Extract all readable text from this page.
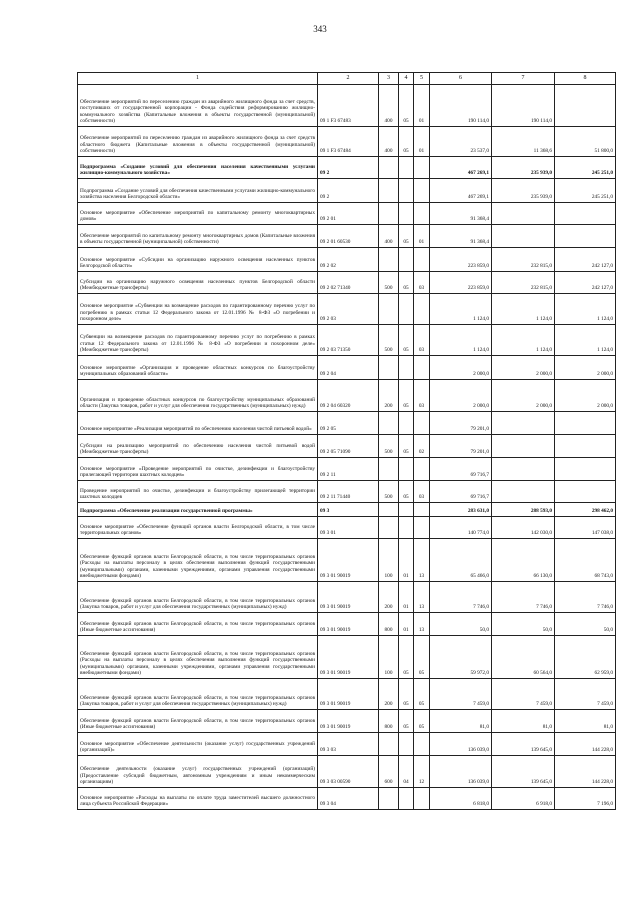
343
1	2	3	4	5	6	7	8
Обеспечение мероприятий по переселению граждан из аварийного жилищного фонда за счет средств, поступивших от государственной корпорации - Фонда содействия реформированию жилищно-коммунального хозяйства (Капитальные вложения в объекты государственной (муниципальной) собственности)	09 1 F3 67483	400	05	01	190 114,0	190 114,0	
Обеспечение мероприятий по переселению граждан из аварийного жилищного фонда за счет средств областного бюджета (Капитальные вложения в объекты государственной (муниципальной) собственности)	09 1 F3 67484	400	05	01	23 537,0	11 368,6	51 800,0
Подпрограмма «Создание условий для обеспечения населения качественными услугами жилищно-коммунального хозяйства»	09 2				467 269,1	235 939,0	245 251,0
Подпрограмма «Создание условий для обеспечения качественными услугами жилищно-коммунального хозяйства населения Белгородской области»	09 2				467 269,1	235 939,0	245 251,0
Основное мероприятие «Обеспечение мероприятий по капитальному ремонту многоквартирных домов»	09 2 01				91 368,4		
Обеспечение мероприятий по капитальному ремонту многоквартирных домов (Капитальные вложения в объекты государственной (муниципальной) собственности)	09 2 01 60530	400	05	01	91 368,4		
Основное мероприятие «Субсидии на организацию наружного освещения населенных пунктов Белгородской области»	09 2 02				223 859,0	232 815,0	242 127,0
Субсидии на организацию наружного освещения населенных пунктов Белгородской области (Межбюджетные трансферты)	09 2 02 71340	500	05	03	223 859,0	232 815,0	242 127,0
Основное мероприятие «Субвенции на возмещение расходов по гарантированному перечню услуг по погребению в рамках статьи 12 Федерального закона от 12.01.1996 № 8-ФЗ «О погребении и похоронном деле»	09 2 03				1 124,0	1 124,0	1 124,0
Субвенции на возмещение расходов по гарантированному перечню услуг по погребению в рамках статьи 12 Федерального закона от 12.01.1996 № 8-ФЗ «О погребении и похоронном деле» (Межбюджетные трансферты)	09 2 03 71350	500	05	03	1 124,0	1 124,0	1 124,0
Основное мероприятие «Организация и проведение областных конкурсов по благоустройству муниципальных образований области»	09 2 04				2 000,0	2 000,0	2 000,0
Организация и проведение областных конкурсов по благоустройству муниципальных образований области (Закупка товаров, работ и услуг для обеспечения государственных (муниципальных) нужд)	09 2 04 60320	200	05	03	2 000,0	2 000,0	2 000,0
Основное мероприятие «Реализация мероприятий по обеспечению населения чистой питьевой водой»	09 2 05				79 201,0		
Субсидии на реализацию мероприятий по обеспечению населения чистой питьевой водой (Межбюджетные трансферты)	09 2 05 71090	500	05	02	79 201,0		
Основное мероприятие «Проведение мероприятий по очистке, дезинфекции и благоустройству прилегающей территории шахтных колодцев»	09 2 11				69 716,7		
Проведение мероприятий по очистке, дезинфекции и благоустройству прилегающей территории шахтных колодцев	09 2 11 71440	500	05	03	69 716,7		
Подпрограмма «Обеспечение реализации государственной программы»	09 3				283 631,0	288 593,0	298 462,0
Основное мероприятие «Обеспечение функций органов власти Белгородской области, в том числе территориальных органов»	09 3 01				140 774,0	142 030,0	147 038,0
Обеспечение функций органов власти Белгородской области, в том числе территориальных органов (Расходы на выплаты персоналу в целях обеспечения выполнения функций государственными (муниципальными) органами, казенными учреждениями, органами управления государственными внебюджетными фондами)	09 3 01 90019	100	01	13	65 466,0	66 130,0	68 743,0
Обеспечение функций органов власти Белгородской области, в том числе территориальных органов (Закупка товаров, работ и услуг для обеспечения государственных (муниципальных) нужд)	09 3 01 90019	200	01	13	7 746,0	7 746,0	7 746,0
Обеспечение функций органов власти Белгородской области, в том числе территориальных органов (Иные бюджетные ассигнования)	09 3 01 90019	800	01	13	50,0	50,0	50,0
Обеспечение функций органов власти Белгородской области, в том числе территориальных органов (Расходы на выплаты персоналу в целях обеспечения выполнения функций государственными (муниципальными) органами, казенными учреждениями, органами управления государственными внебюджетными фондами)	09 3 01 90019	100	05	05	59 972,0	60 564,0	62 959,0
Обеспечение функций органов власти Белгородской области, в том числе территориальных органов (Закупка товаров, работ и услуг для обеспечения государственных (муниципальных) нужд)	09 3 01 90019	200	05	05	7 459,0	7 459,0	7 459,0
Обеспечение функций органов власти Белгородской области, в том числе территориальных органов (Иные бюджетные ассигнования)	09 3 01 90019	800	05	05	81,0	81,0	81,0
Основное мероприятие «Обеспечение деятельности (оказание услуг) государственных учреждений (организаций)»	09 3 03				136 039,0	139 645,0	144 228,0
Обеспечение деятельности (оказание услуг) государственных учреждений (организаций) (Предоставление субсидий бюджетным, автономным учреждениям и иным некоммерческим организациям)	09 3 03 00590	600	04	12	136 039,0	139 645,0	144 228,0
Основное мероприятие «Расходы на выплаты по оплате труда заместителей высшего должностного лица субъекта Российской Федерации»	09 3 04				6 818,0	6 918,0	7 196,0
